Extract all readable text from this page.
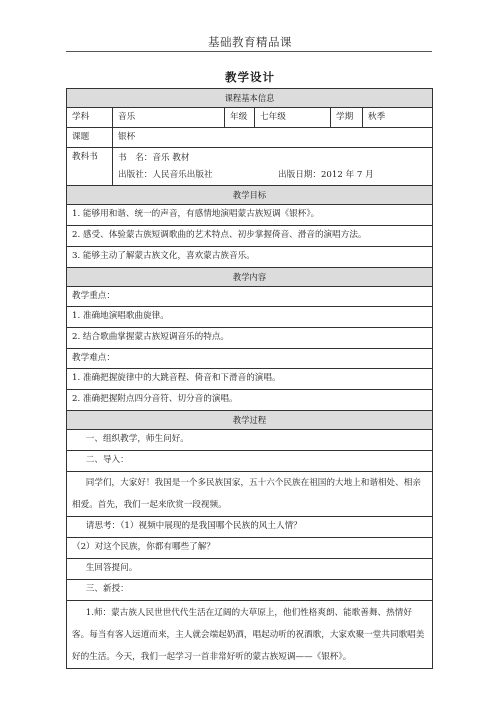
基础教育精品课
教学设计
课程基本信息					
学科	音乐	年级	七年级	学期	秋季
课题	银杯				
教科书	书　名：音乐 教材
出版社：人民音乐出版社 出版日期：2012 年 7 月				

教学目标					
1. 能够用和谐、统一的声音，有感情地演唱蒙古族短调《银杯》。					
2. 感受、体验蒙古族短调歌曲的艺术特点、初步掌握倚音、滑音的演唱方法。					
3. 能够主动了解蒙古族文化，喜欢蒙古族音乐。					
教学内容					
教学重点：					
1. 准确地演唱歌曲旋律。					
2. 结合歌曲掌握蒙古族短调音乐的特点。					
教学难点：					
1. 准确把握旋律中的大跳音程、倚音和下滑音的演唱。					
2. 准确把握附点四分音符、切分音的演唱。					
教学过程					
一、组织教学，师生问好。					
二、导入：					

同学们，大家好！我国是一个多民族国家，五十六个民族在祖国的大地上和谐相处、相亲相爱。首先，我们一起来欣赏一段视频。					

请思考：（1）视频中展现的是我国哪个民族的风土人情？					
（2）对这个民族，你都有哪些了解？					
生回答提问。					
三、新授：					

1.师：蒙古族人民世世代代生活在辽阔的大草原上，他们性格爽朗、能歌善舞、热情好客。每当有客人远道而来，主人就会端起奶酒，唱起动听的祝酒歌，大家欢聚一堂共同歌唱美好的生活。今天，我们一起学习一首非常好听的蒙古族短调——《银杯》。					
